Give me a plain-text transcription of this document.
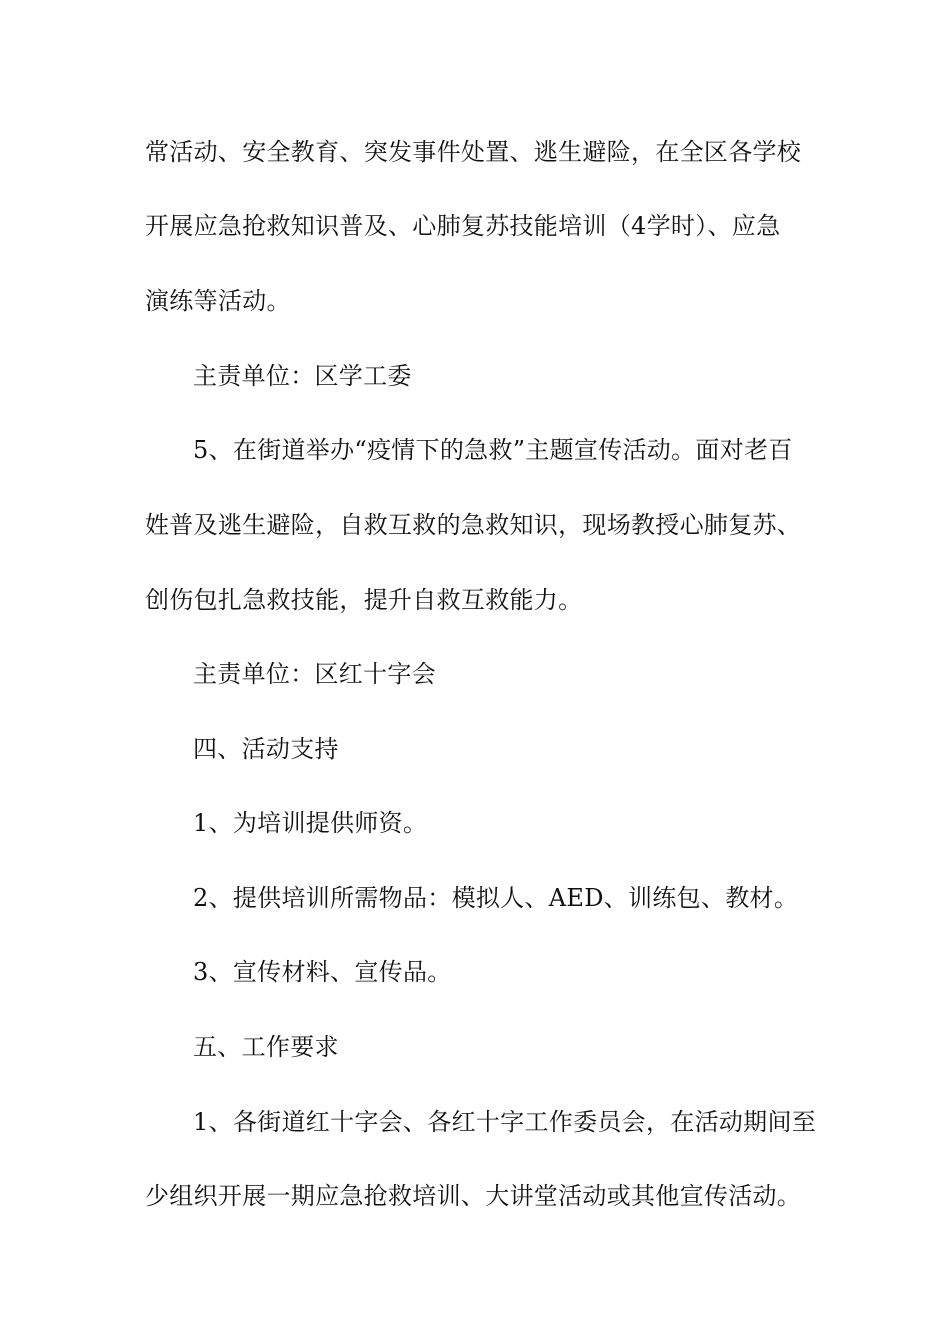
常活动、安全教育、突发事件处置、逃生避险，在全区各学校
开展应急抢救知识普及、心肺复苏技能培训（4学时）、应急
演练等活动。
主责单位：区学工委
5、在街道举办“疫情下的急救”主题宣传活动。面对老百
姓普及逃生避险，自救互救的急救知识，现场教授心肺复苏、
创伤包扎急救技能，提升自救互救能力。
主责单位：区红十字会
四、活动支持
1、为培训提供师资。
2、提供培训所需物品：模拟人、AED、训练包、教材。
3、宣传材料、宣传品。
五、工作要求
1、各街道红十字会、各红十字工作委员会，在活动期间至
少组织开展一期应急抢救培训、大讲堂活动或其他宣传活动。
